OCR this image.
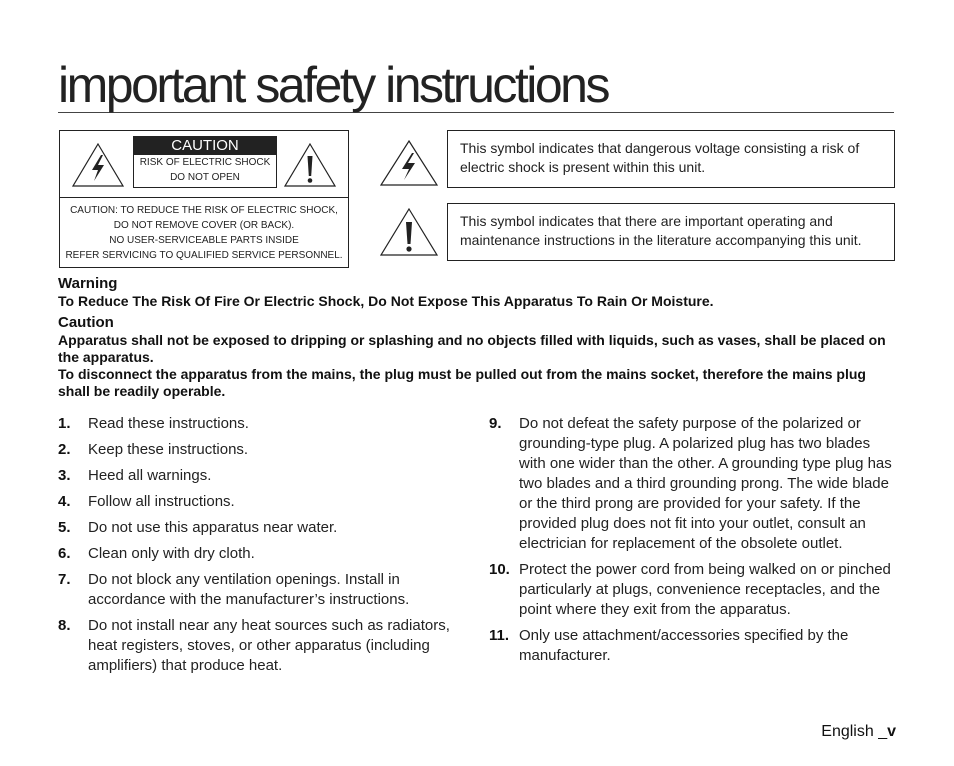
important safety instructions
CAUTION
RISK OF ELECTRIC SHOCK
DO NOT OPEN
CAUTION: TO REDUCE THE RISK OF ELECTRIC SHOCK,
DO NOT REMOVE COVER (OR BACK).
NO USER-SERVICEABLE PARTS INSIDE
REFER SERVICING TO QUALIFIED SERVICE PERSONNEL.
This symbol indicates that dangerous voltage consisting a risk of electric shock is present within this unit.
This symbol indicates that there are important operating and maintenance instructions in the literature accompanying this unit.
Warning
To Reduce The Risk Of Fire Or Electric Shock, Do Not Expose This Apparatus To Rain Or Moisture.
Caution
Apparatus shall not be exposed to dripping or splashing and no objects filled with liquids, such as vases, shall be placed on the apparatus.
To disconnect the apparatus from the mains, the plug must be pulled out from the mains socket, therefore the mains plug shall be readily operable.
1. Read these instructions.
2. Keep these instructions.
3. Heed all warnings.
4. Follow all instructions.
5. Do not use this apparatus near water.
6. Clean only with dry cloth.
7. Do not block any ventilation openings. Install in accordance with the manufacturer’s instructions.
8. Do not install near any heat sources such as radiators, heat registers, stoves, or other apparatus (including amplifiers) that produce heat.
9. Do not defeat the safety purpose of the polarized or grounding-type plug. A polarized plug has two blades with one wider than the other. A grounding type plug has two blades and a third grounding prong. The wide blade or the third prong are provided for your safety. If the provided plug does not fit into your outlet, consult an electrician for replacement of the obsolete outlet.
10. Protect the power cord from being walked on or pinched particularly at plugs, convenience receptacles, and the point where they exit from the apparatus.
11. Only use attachment/accessories specified by the manufacturer.
English _v
